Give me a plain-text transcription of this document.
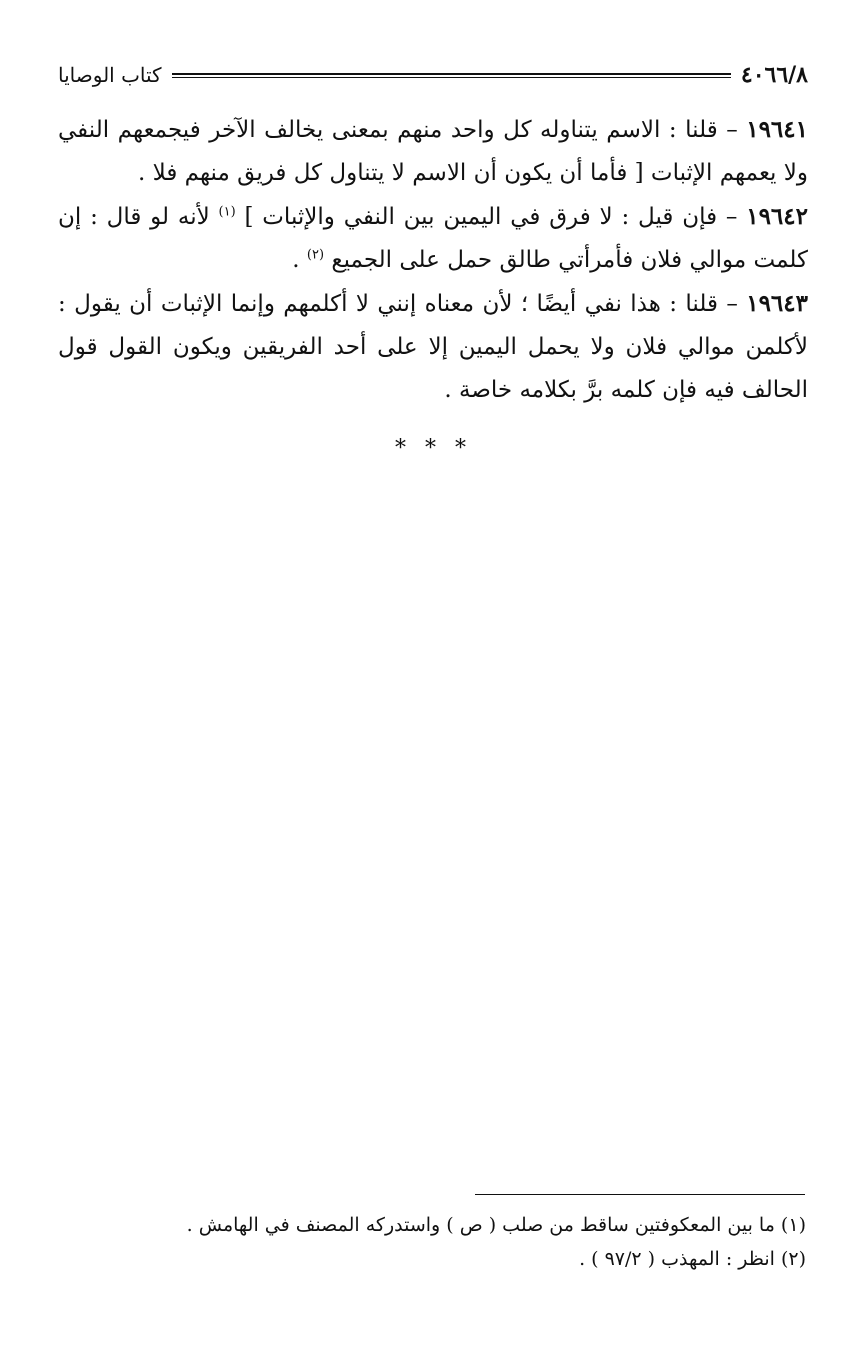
٤٠٦٦/٨
كتاب الوصايا

١٩٦٤١ – قلنا : الاسم يتناوله كل واحد منهم بمعنى يخالف الآخر فيجمعهم النفي ولا يعمهم الإثبات [ فأما أن يكون أن الاسم لا يتناول كل فريق منهم فلا .

١٩٦٤٢ – فإن قيل : لا فرق في اليمين بين النفي والإثبات ] $^{(١)}$ لأنه لو قال : إن كلمت موالي فلان فأمرأتي طالق حمل على الجميع $^{(٢)}$ .

١٩٦٤٣ – قلنا : هذا نفي أيضًا ؛ لأن معناه إنني لا أكلمهم وإنما الإثبات أن يقول : لأكلمن موالي فلان ولا يحمل اليمين إلا على أحد الفريقين ويكون القول قول الحالف فيه فإن كلمه برَّ بكلامه خاصة .

* * *

(١) ما بين المعكوفتين ساقط من صلب ( ص ) واستدركه المصنف في الهامش .

(٢) انظر : المهذب ( ٩٧/٢ ) .
